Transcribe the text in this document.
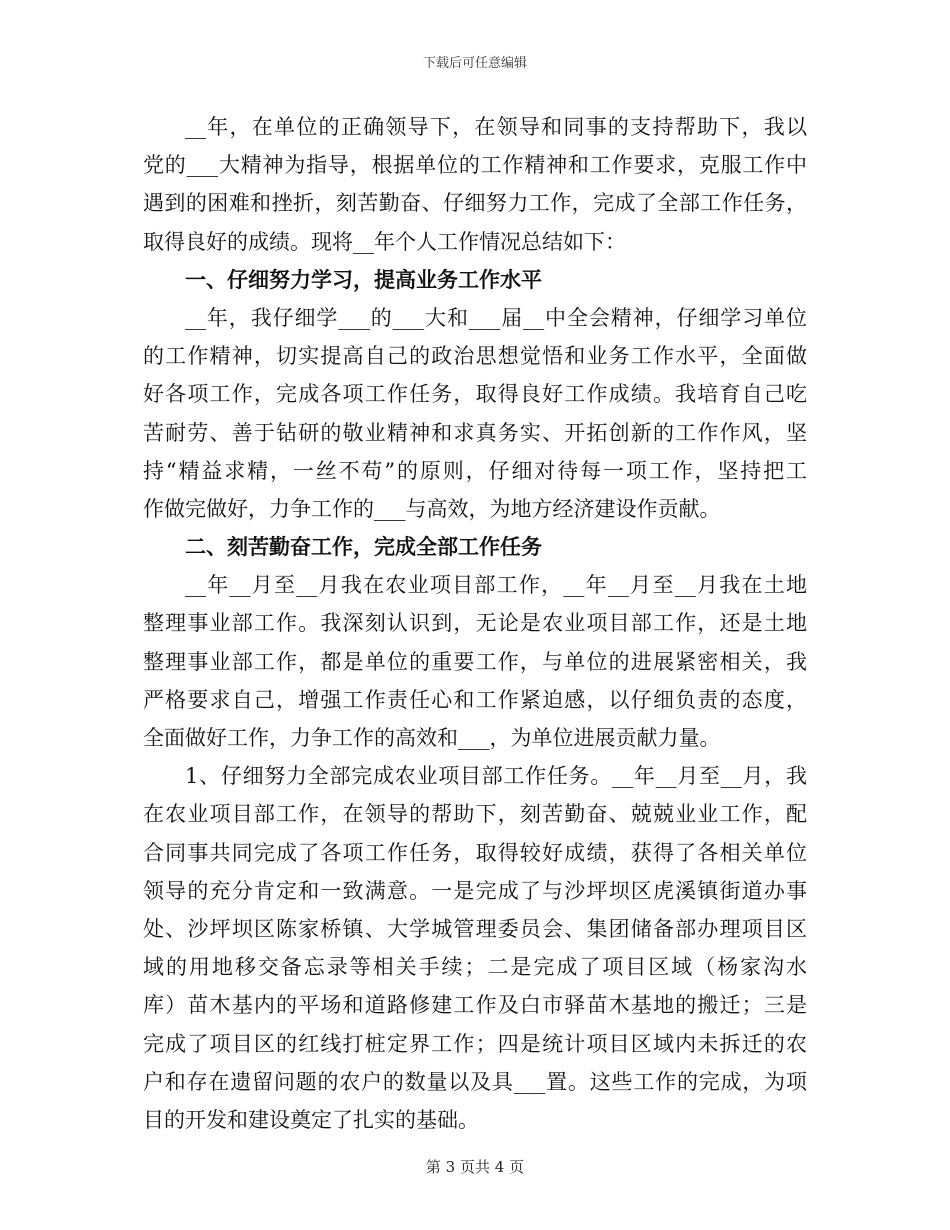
下载后可任意编辑
__年，在单位的正确领导下，在领导和同事的支持帮助下，我以
党的___大精神为指导，根据单位的工作精神和工作要求，克服工作中
遇到的困难和挫折，刻苦勤奋、仔细努力工作，完成了全部工作任务，
取得良好的成绩。现将__年个人工作情况总结如下：
一、仔细努力学习，提高业务工作水平
__年，我仔细学___的___大和___届__中全会精神，仔细学习单位
的工作精神，切实提高自己的政治思想觉悟和业务工作水平，全面做
好各项工作，完成各项工作任务，取得良好工作成绩。我培育自己吃
苦耐劳、善于钻研的敬业精神和求真务实、开拓创新的工作作风，坚
持“精益求精，一丝不苟”的原则，仔细对待每一项工作，坚持把工
作做完做好，力争工作的___与高效，为地方经济建设作贡献。
二、刻苦勤奋工作，完成全部工作任务
__年__月至__月我在农业项目部工作，__年__月至__月我在土地
整理事业部工作。我深刻认识到，无论是农业项目部工作，还是土地
整理事业部工作，都是单位的重要工作，与单位的进展紧密相关，我
严格要求自己，增强工作责任心和工作紧迫感，以仔细负责的态度，
全面做好工作，力争工作的高效和___，为单位进展贡献力量。
1、仔细努力全部完成农业项目部工作任务。__年__月至__月，我
在农业项目部工作，在领导的帮助下，刻苦勤奋、兢兢业业工作，配
合同事共同完成了各项工作任务，取得较好成绩，获得了各相关单位
领导的充分肯定和一致满意。一是完成了与沙坪坝区虎溪镇街道办事
处、沙坪坝区陈家桥镇、大学城管理委员会、集团储备部办理项目区
域的用地移交备忘录等相关手续；二是完成了项目区域（杨家沟水
库）苗木基内的平场和道路修建工作及白市驿苗木基地的搬迁；三是
完成了项目区的红线打桩定界工作；四是统计项目区域内未拆迁的农
户和存在遗留问题的农户的数量以及具___置。这些工作的完成，为项
目的开发和建设奠定了扎实的基础。
第 3 页共 4 页
